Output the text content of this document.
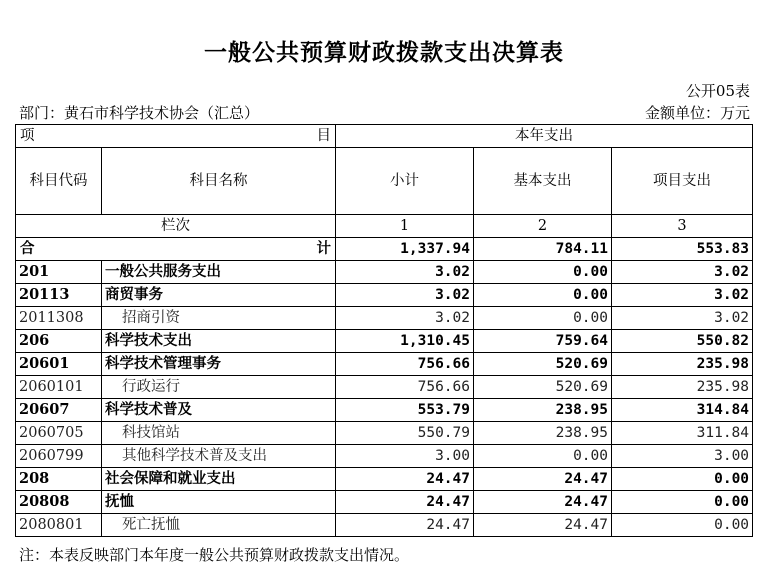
一般公共预算财政拨款支出决算表
公开05表
部门：黄石市科学技术协会（汇总）	金额单位：万元
项 目		本年支出		
科目代码	科目名称	小计	基本支出	项目支出
栏次		1	2	3

合 计		1,337.94	784.11	553.83
201	一般公共服务支出	3.02	0.00	3.02
20113	商贸事务	3.02	0.00	3.02
2011308	招商引资	3.02	0.00	3.02
206	科学技术支出	1,310.45	759.64	550.82
20601	科学技术管理事务	756.66	520.69	235.98
2060101	行政运行	756.66	520.69	235.98
20607	科学技术普及	553.79	238.95	314.84
2060705	科技馆站	550.79	238.95	311.84
2060799	其他科学技术普及支出	3.00	0.00	3.00
208	社会保障和就业支出	24.47	24.47	0.00
20808	抚恤	24.47	24.47	0.00
2080801	死亡抚恤	24.47	24.47	0.00
注：本表反映部门本年度一般公共预算财政拨款支出情况。
